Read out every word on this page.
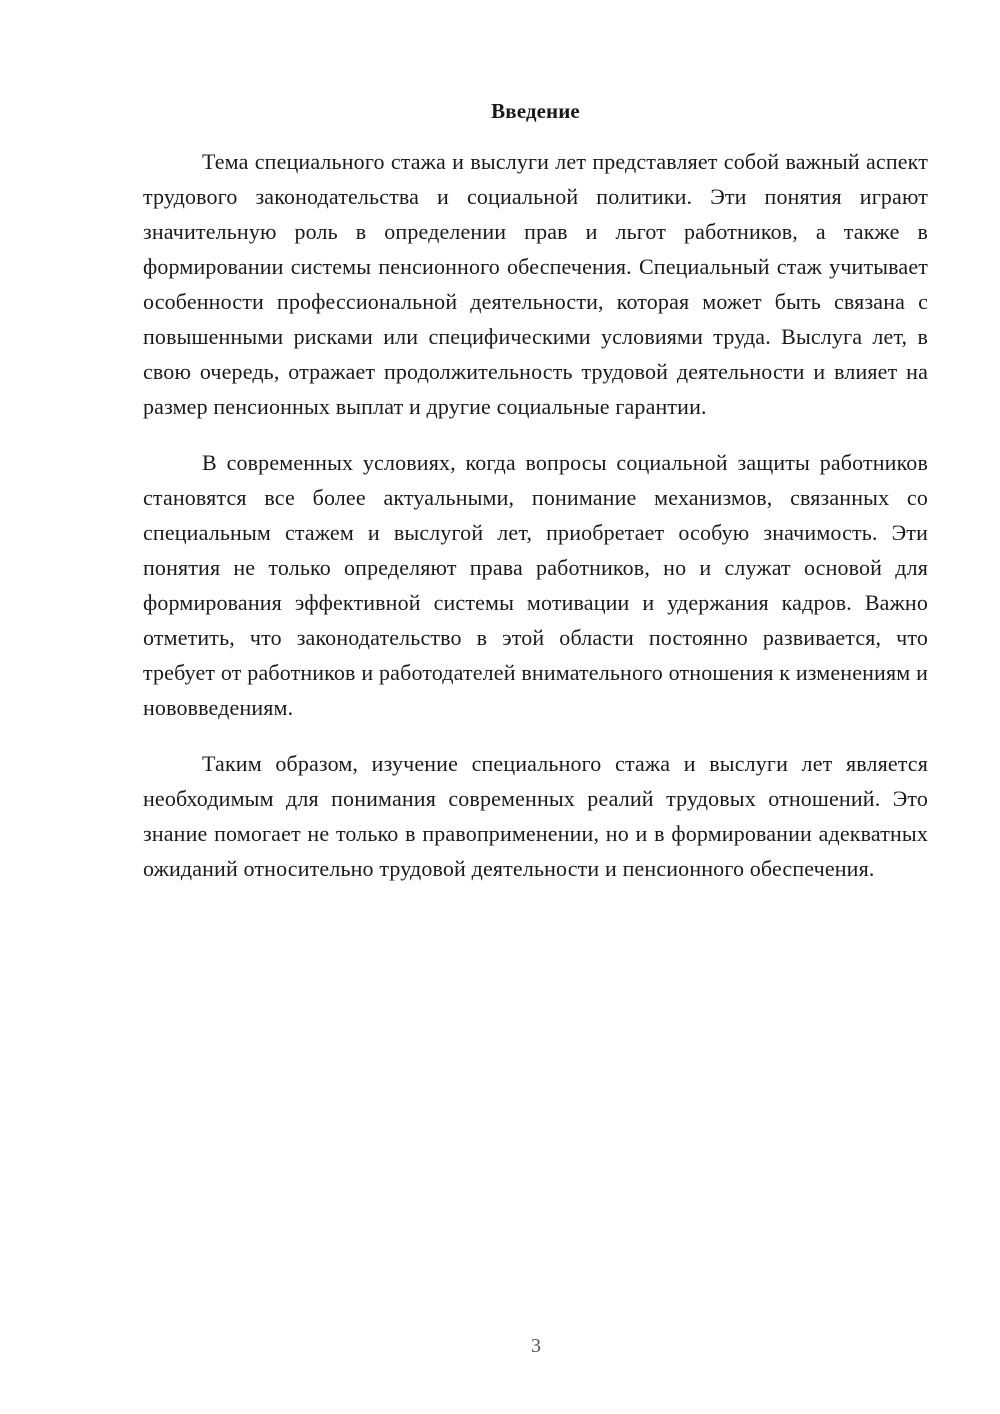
Введение

Тема специального стажа и выслуги лет представляет собой важный аспект трудового законодательства и социальной политики. Эти понятия играют значительную роль в определении прав и льгот работников, а также в формировании системы пенсионного обеспечения. Специальный стаж учитывает особенности профессиональной деятельности, которая может быть связана с повышенными рисками или специфическими условиями труда. Выслуга лет, в свою очередь, отражает продолжительность трудовой деятельности и влияет на размер пенсионных выплат и другие социальные гарантии.

В современных условиях, когда вопросы социальной защиты работников становятся все более актуальными, понимание механизмов, связанных со специальным стажем и выслугой лет, приобретает особую значимость. Эти понятия не только определяют права работников, но и служат основой для формирования эффективной системы мотивации и удержания кадров. Важно отметить, что законодательство в этой области постоянно развивается, что требует от работников и работодателей внимательного отношения к изменениям и нововведениям.

Таким образом, изучение специального стажа и выслуги лет является необходимым для понимания современных реалий трудовых отношений. Это знание помогает не только в правоприменении, но и в формировании адекватных ожиданий относительно трудовой деятельности и пенсионного обеспечения.

3
